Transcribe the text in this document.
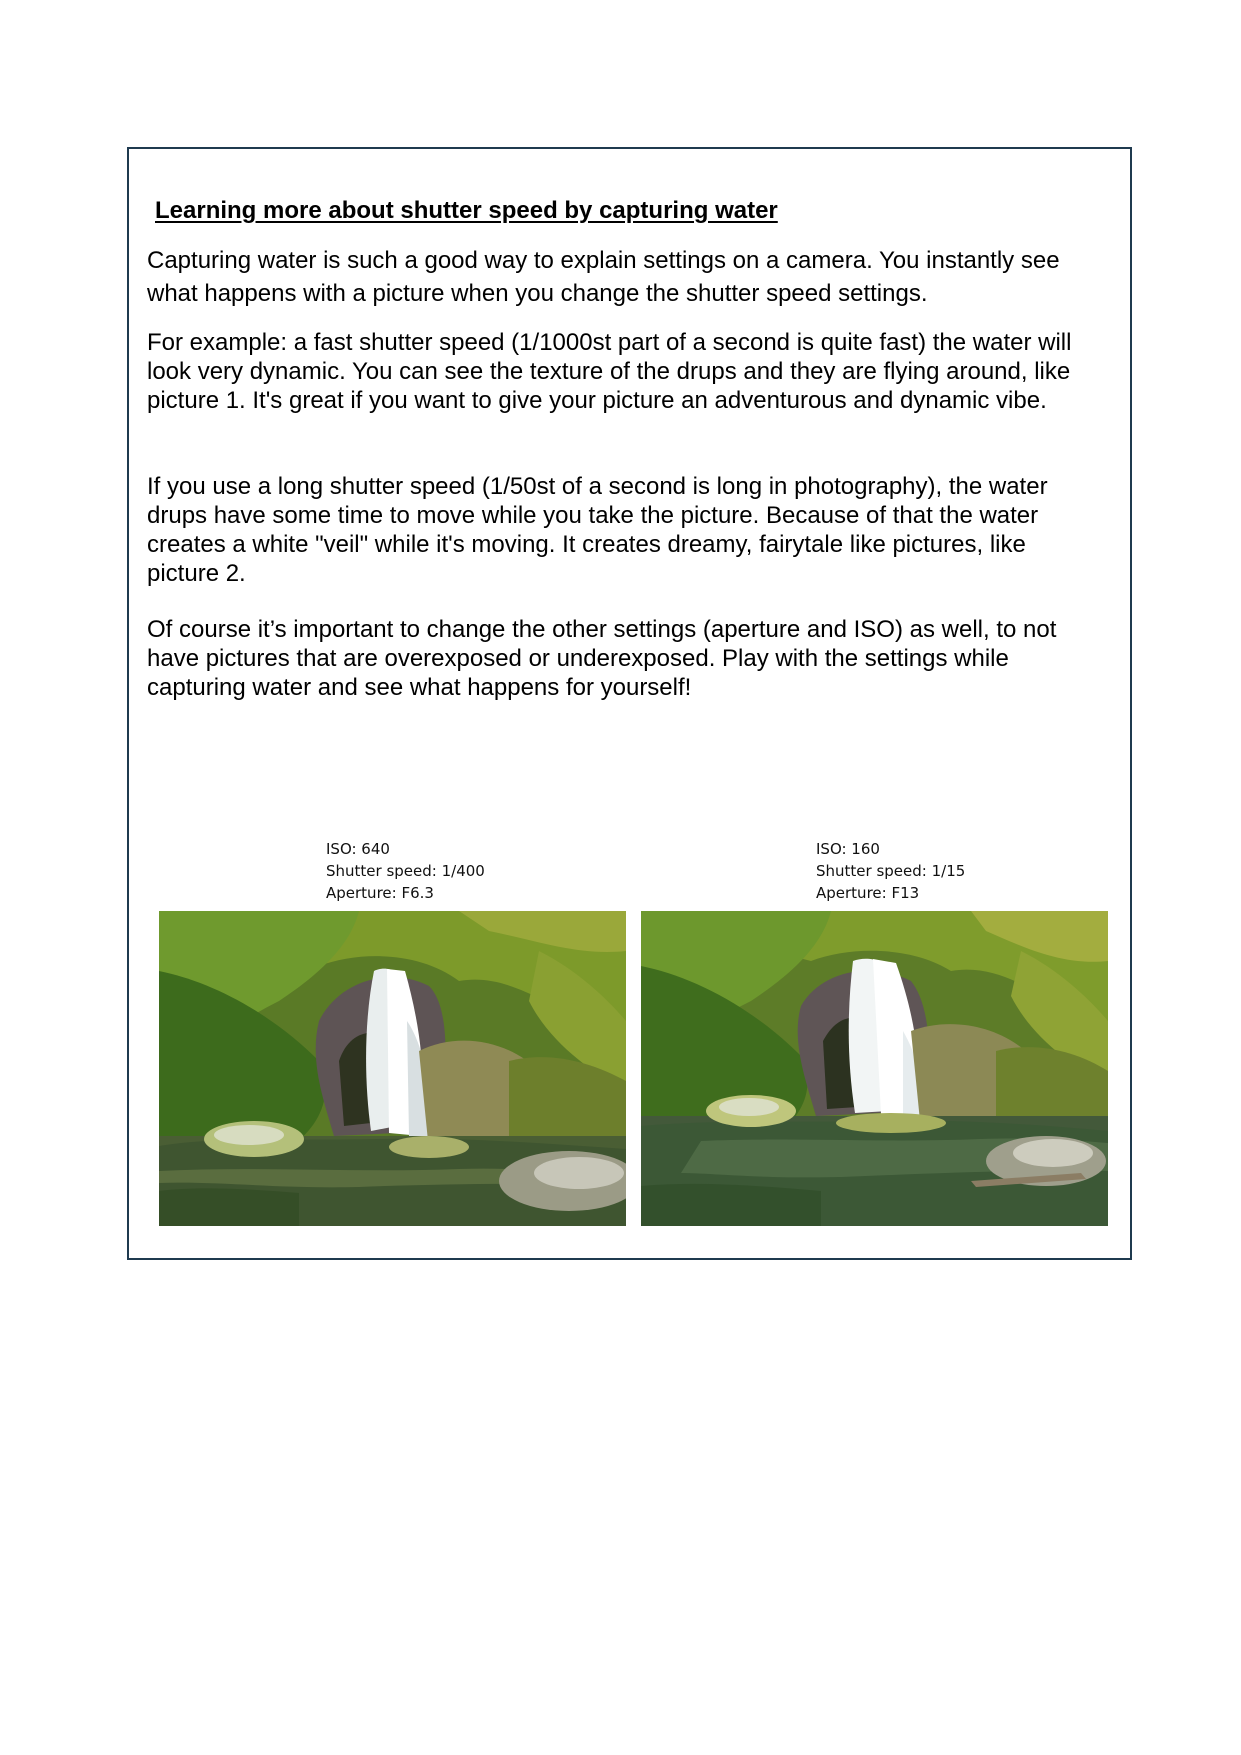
Learning more about shutter speed by capturing water

Capturing water is such a good way to explain settings on a camera. You instantly see what happens with a picture when you change the shutter speed settings.

For example: a fast shutter speed (1/1000st part of a second is quite fast) the water will look very dynamic. You can see the texture of the drups and they are flying around, like picture 1. It's great if you want to give your picture an adventurous and dynamic vibe.

If you use a long shutter speed (1/50st of a second is long in photography), the water drups have some time to move while you take the picture. Because of that the water creates a white "veil" while it's moving. It creates dreamy, fairytale like pictures, like picture 2.

Of course it’s important to change the other settings (aperture and ISO) as well, to not have pictures that are overexposed or underexposed. Play with the settings while capturing water and see what happens for yourself!

ISO: 640
Shutter speed: 1/400
Aperture: F6.3
ISO: 160
Shutter speed: 1/15
Aperture: F13
